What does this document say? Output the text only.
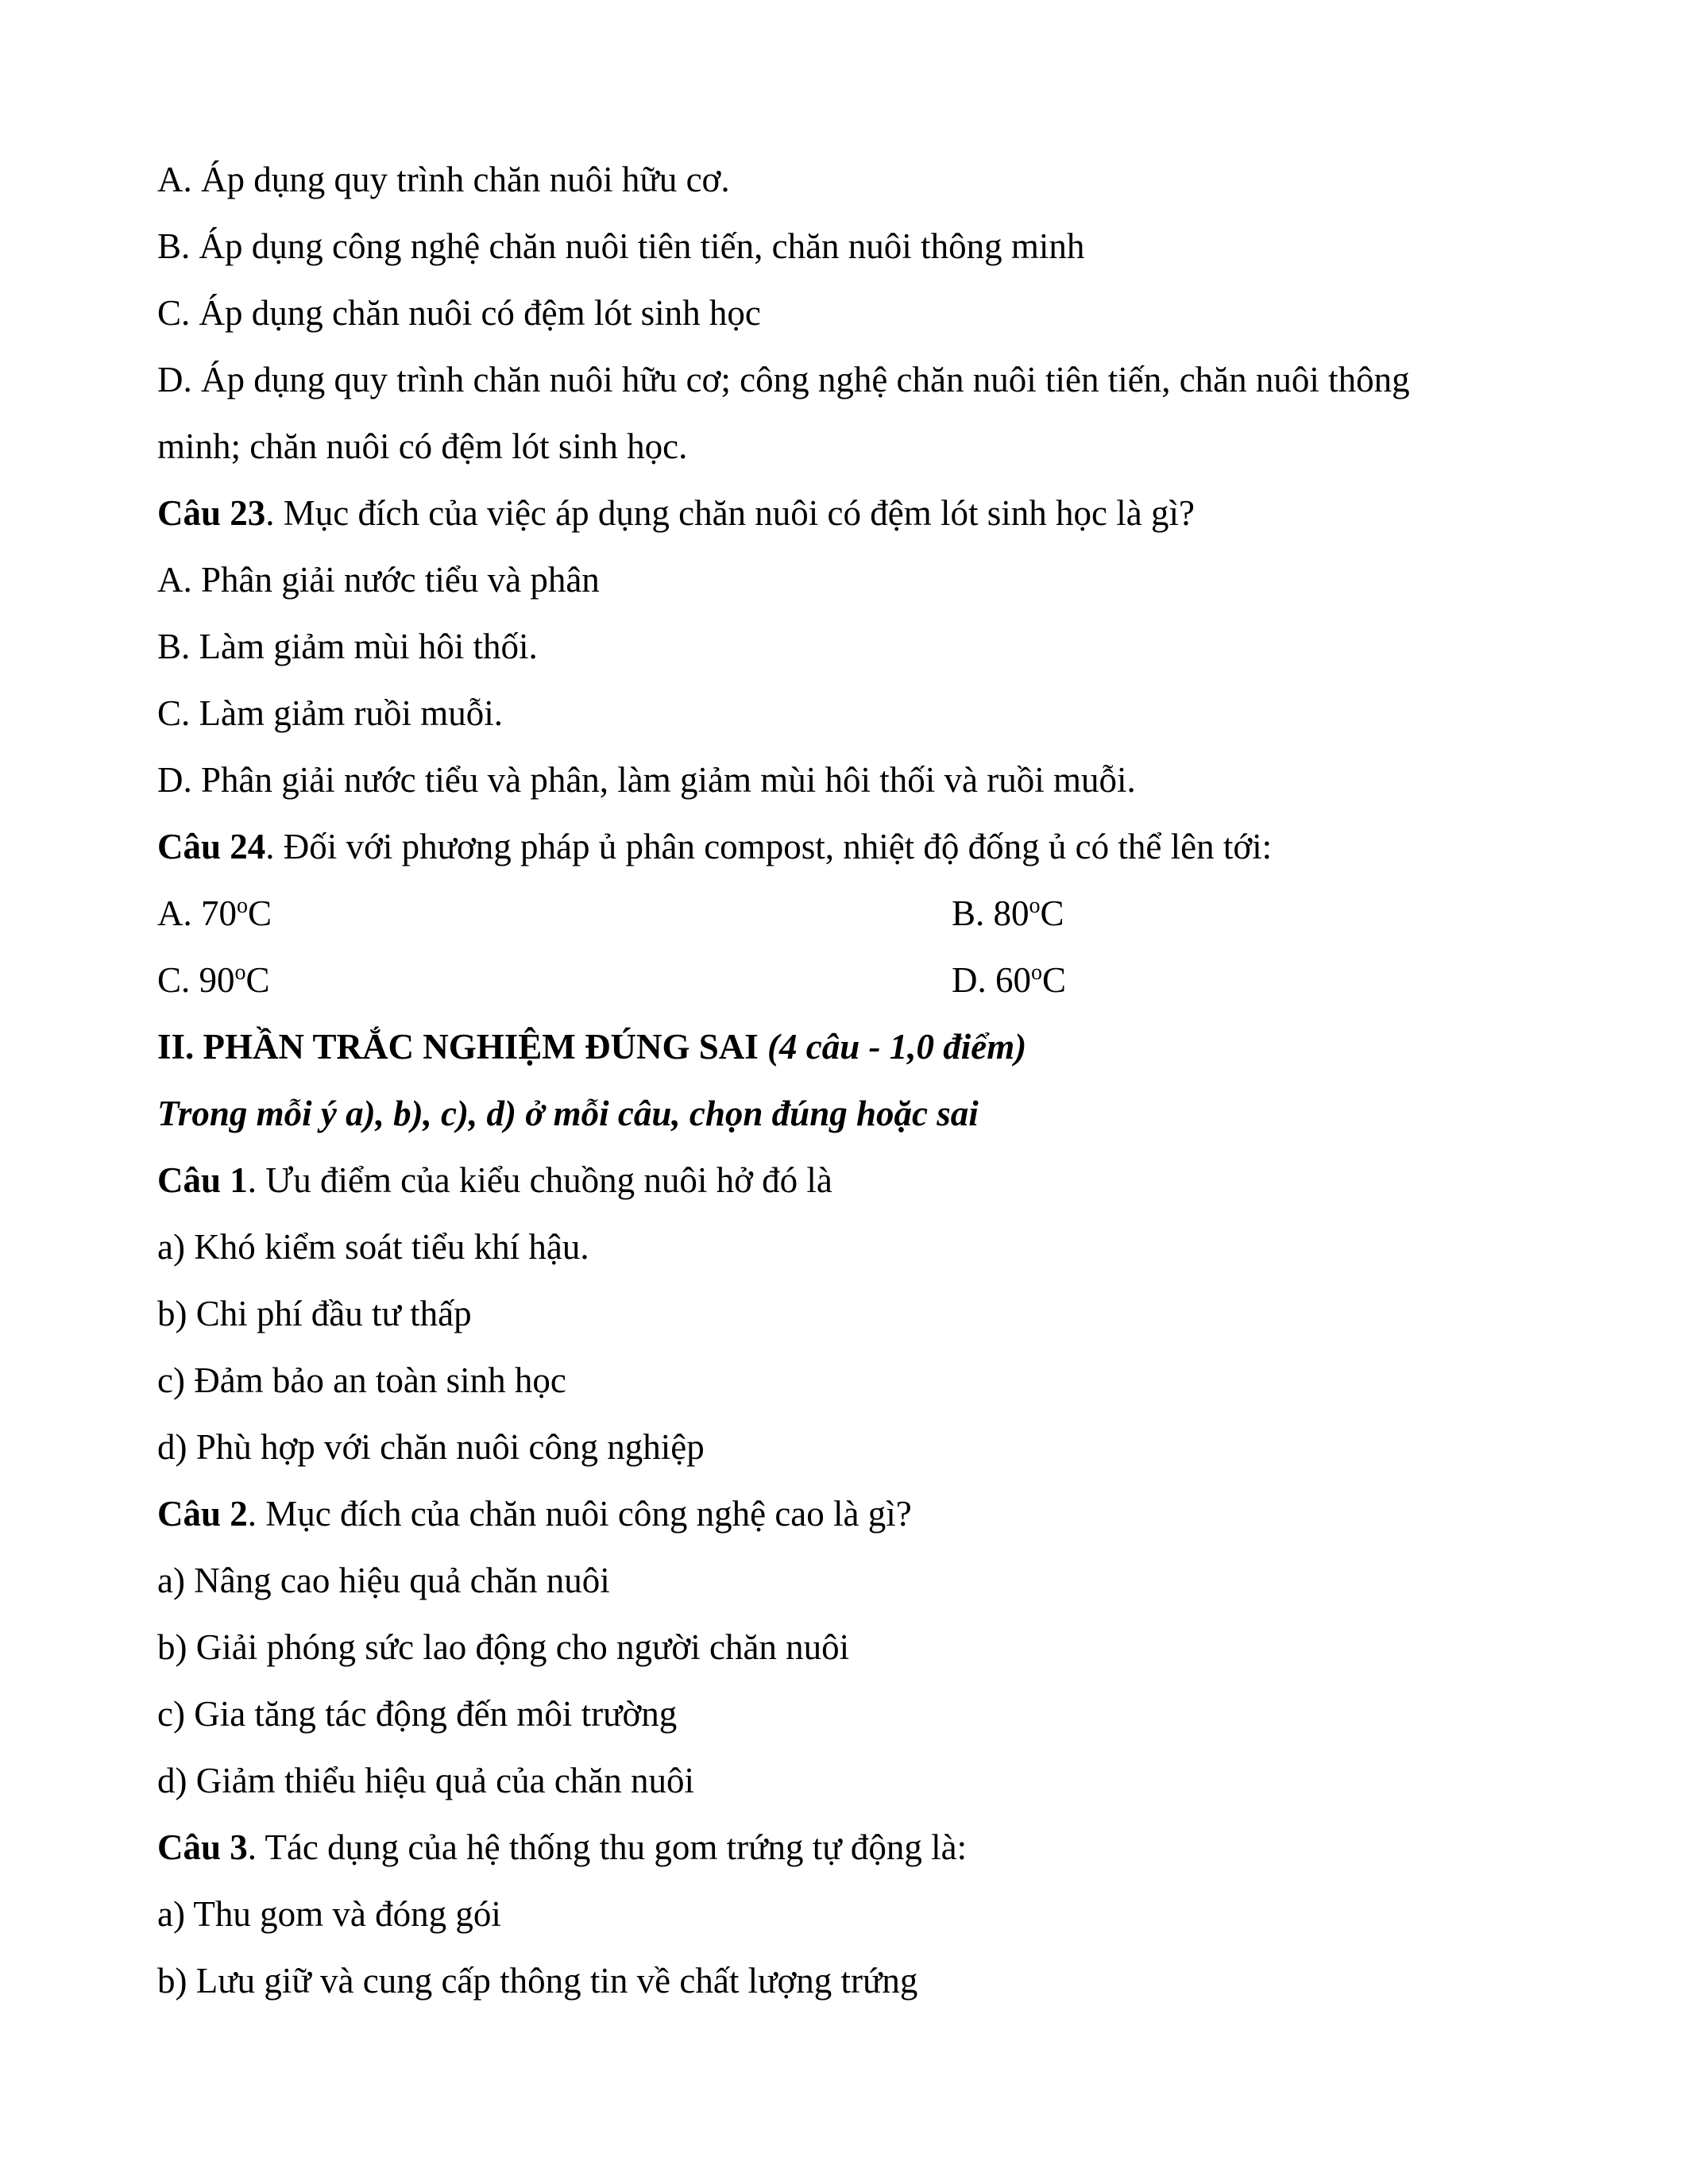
A. Áp dụng quy trình chăn nuôi hữu cơ.
B. Áp dụng công nghệ chăn nuôi tiên tiến, chăn nuôi thông minh
C. Áp dụng chăn nuôi có đệm lót sinh học
D. Áp dụng quy trình chăn nuôi hữu cơ; công nghệ chăn nuôi tiên tiến, chăn nuôi thông
minh; chăn nuôi có đệm lót sinh học.
Câu 23. Mục đích của việc áp dụng chăn nuôi có đệm lót sinh học là gì?
A. Phân giải nước tiểu và phân
B. Làm giảm mùi hôi thối.
C. Làm giảm ruồi muỗi.
D. Phân giải nước tiểu và phân, làm giảm mùi hôi thối và ruồi muỗi.
Câu 24. Đối với phương pháp ủ phân compost, nhiệt độ đống ủ có thể lên tới:
A. 70$^o$C	B. 80$^o$C
C. 90$^o$C	D. 60$^o$C
II. PHẦN TRẮC NGHIỆM ĐÚNG SAI (4 câu - 1,0 điểm)
Trong mỗi ý a), b), c), d) ở mỗi câu, chọn đúng hoặc sai
Câu 1. Ưu điểm của kiểu chuồng nuôi hở đó là
a) Khó kiểm soát tiểu khí hậu.
b) Chi phí đầu tư thấp
c) Đảm bảo an toàn sinh học
d) Phù hợp với chăn nuôi công nghiệp
Câu 2. Mục đích của chăn nuôi công nghệ cao là gì?
a) Nâng cao hiệu quả chăn nuôi
b) Giải phóng sức lao động cho người chăn nuôi
c) Gia tăng tác động đến môi trường
d) Giảm thiểu hiệu quả của chăn nuôi
Câu 3. Tác dụng của hệ thống thu gom trứng tự động là:
a) Thu gom và đóng gói
b) Lưu giữ và cung cấp thông tin về chất lượng trứng
